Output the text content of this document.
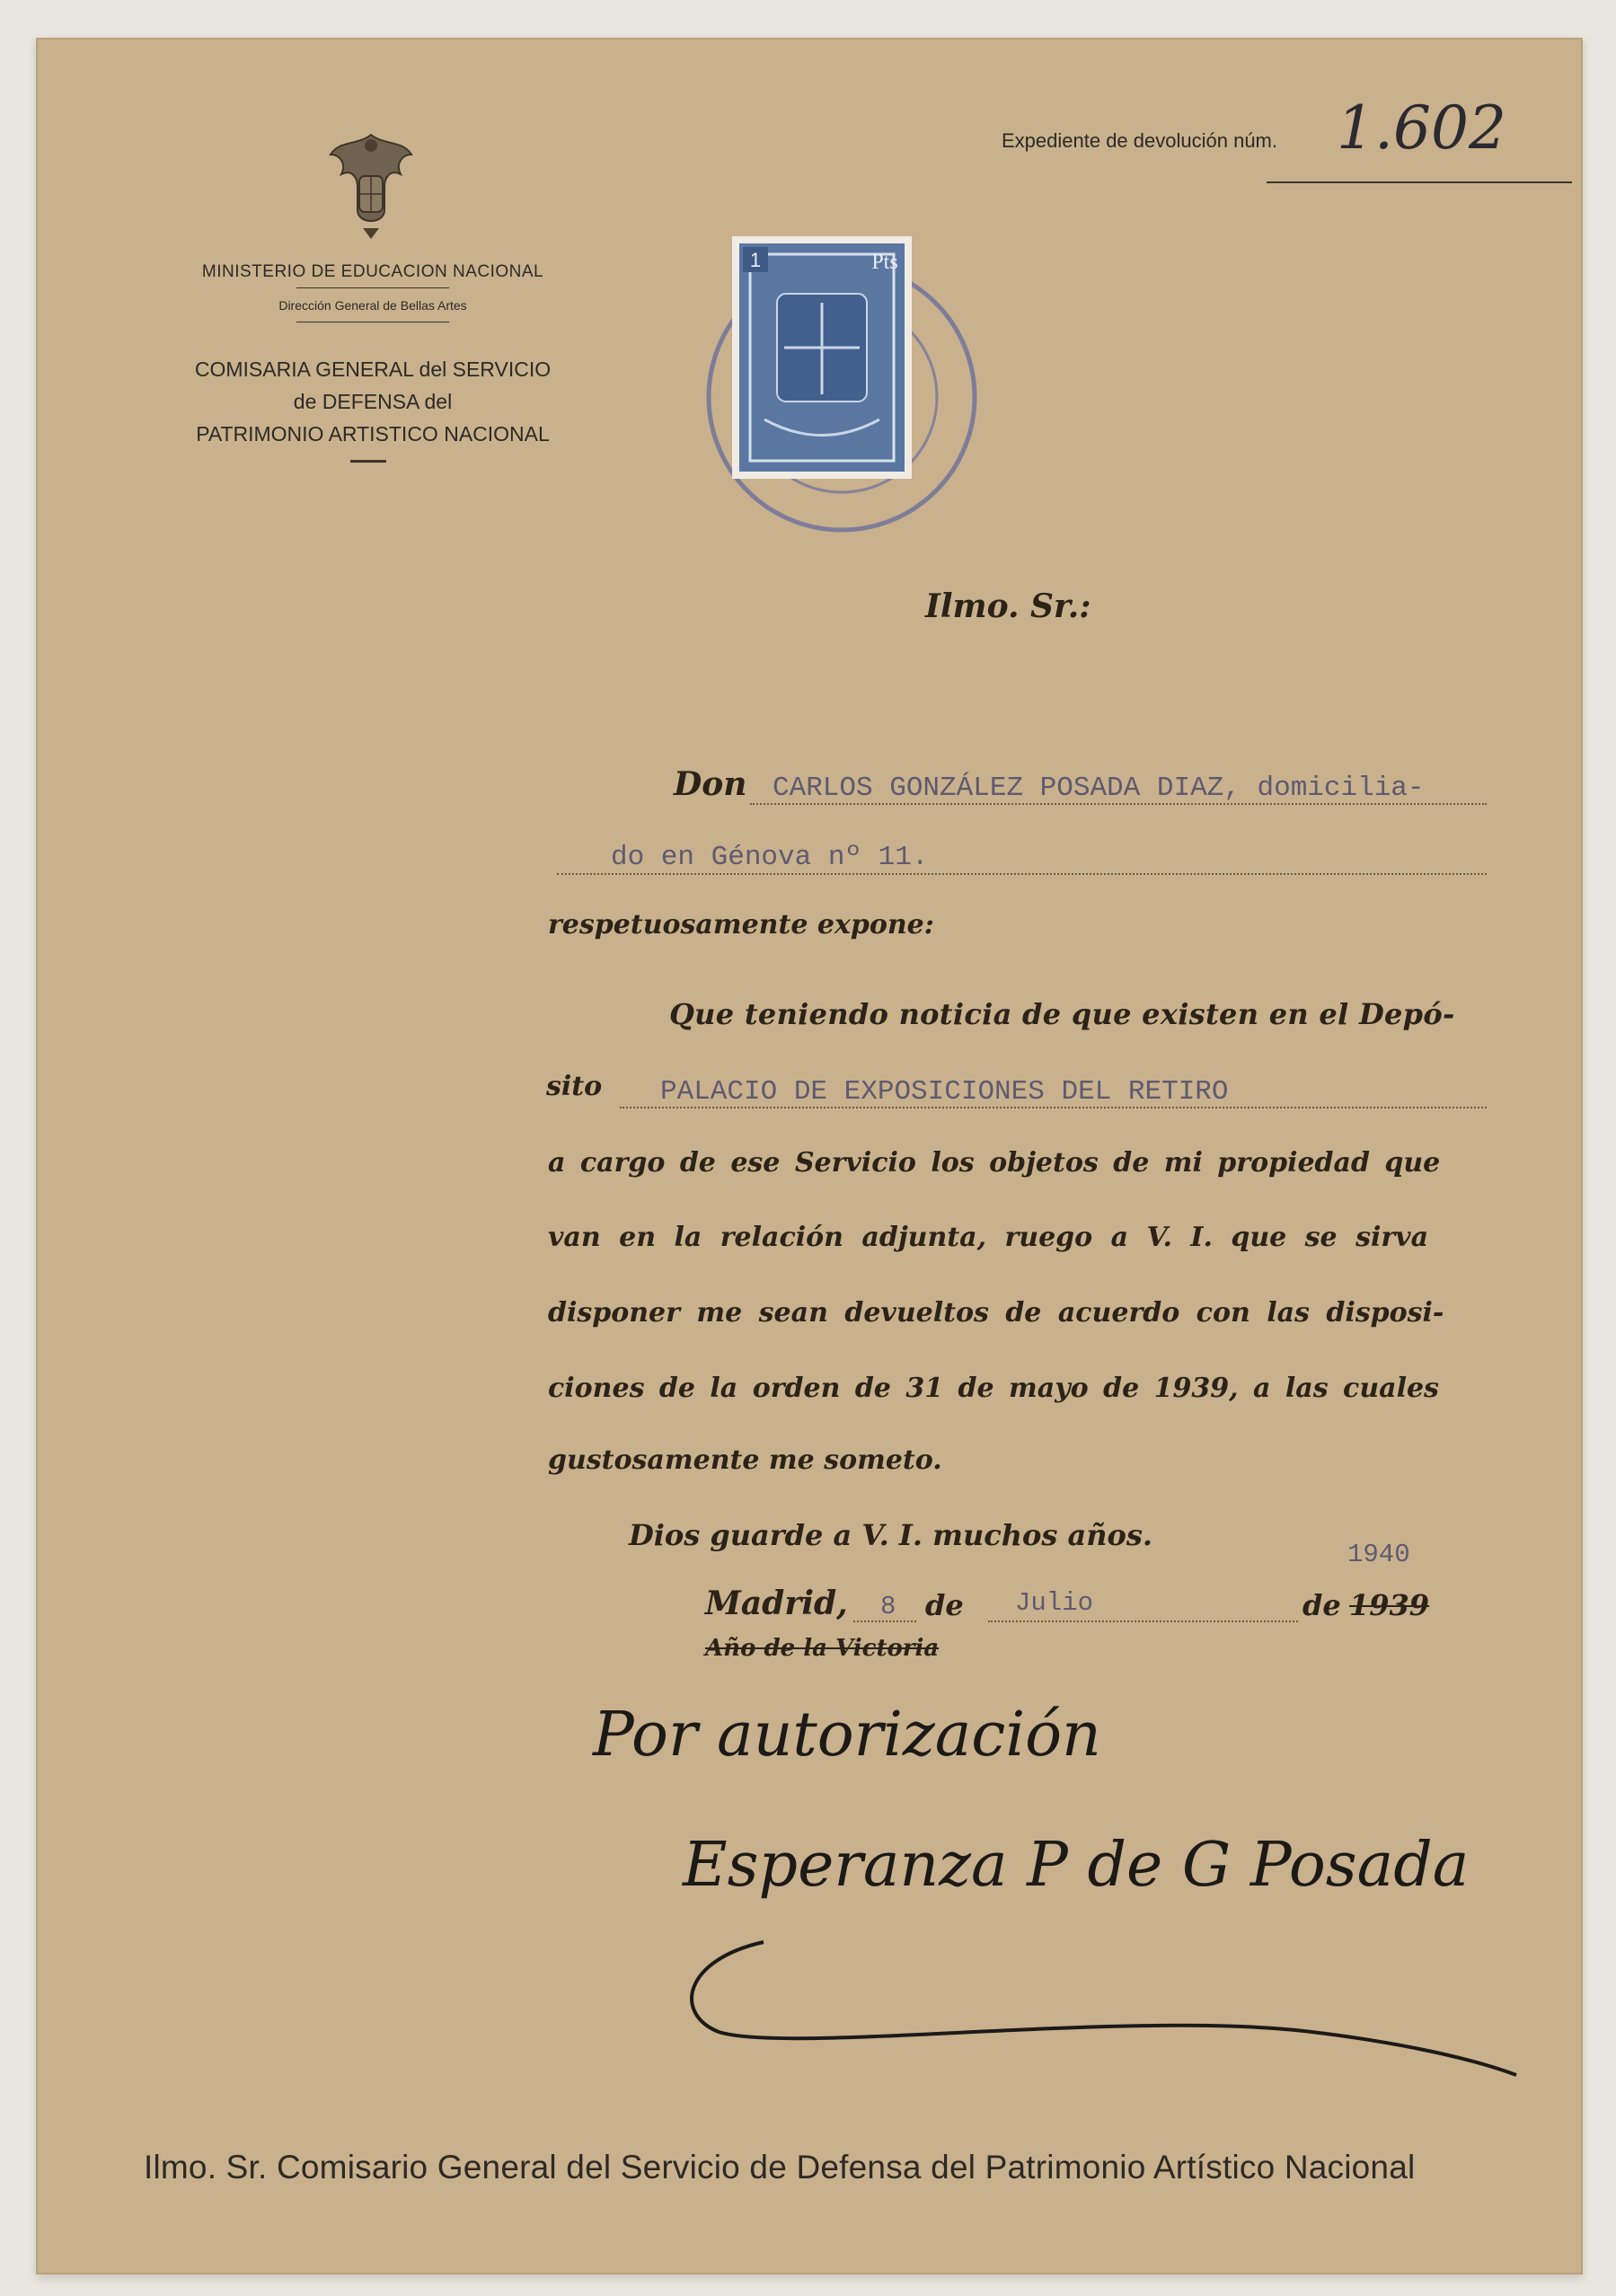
MINISTERIO DE EDUCACION NACIONAL
Dirección General de Bellas Artes
COMISARIA GENERAL del SERVICIO
de DEFENSA del
PATRIMONIO ARTISTICO NACIONAL
Expediente de devolución núm. 1.602
1	Pts
Ilmo. Sr.:
Don CARLOS GONZÁLEZ POSADA DIAZ, domicilia-
do en Génova nº 11.
respetuosamente expone:
Que teniendo noticia de que existen en el Depó-
sito PALACIO DE EXPOSICIONES DEL RETIRO
a cargo de ese Servicio los objetos de mi propiedad que
van en la relación adjunta, ruego a V. I. que se sirva
disponer me sean devueltos de acuerdo con las disposi-
ciones de la orden de 31 de mayo de 1939, a las cuales
gustosamente me someto.
Dios guarde a V. I. muchos años.
1940
Madrid, 8 de Julio	de 1939
Año de la Victoria
Por autorización
Esperanza P de G Posada
Ilmo. Sr. Comisario General del Servicio de Defensa del Patrimonio Artístico Nacional
